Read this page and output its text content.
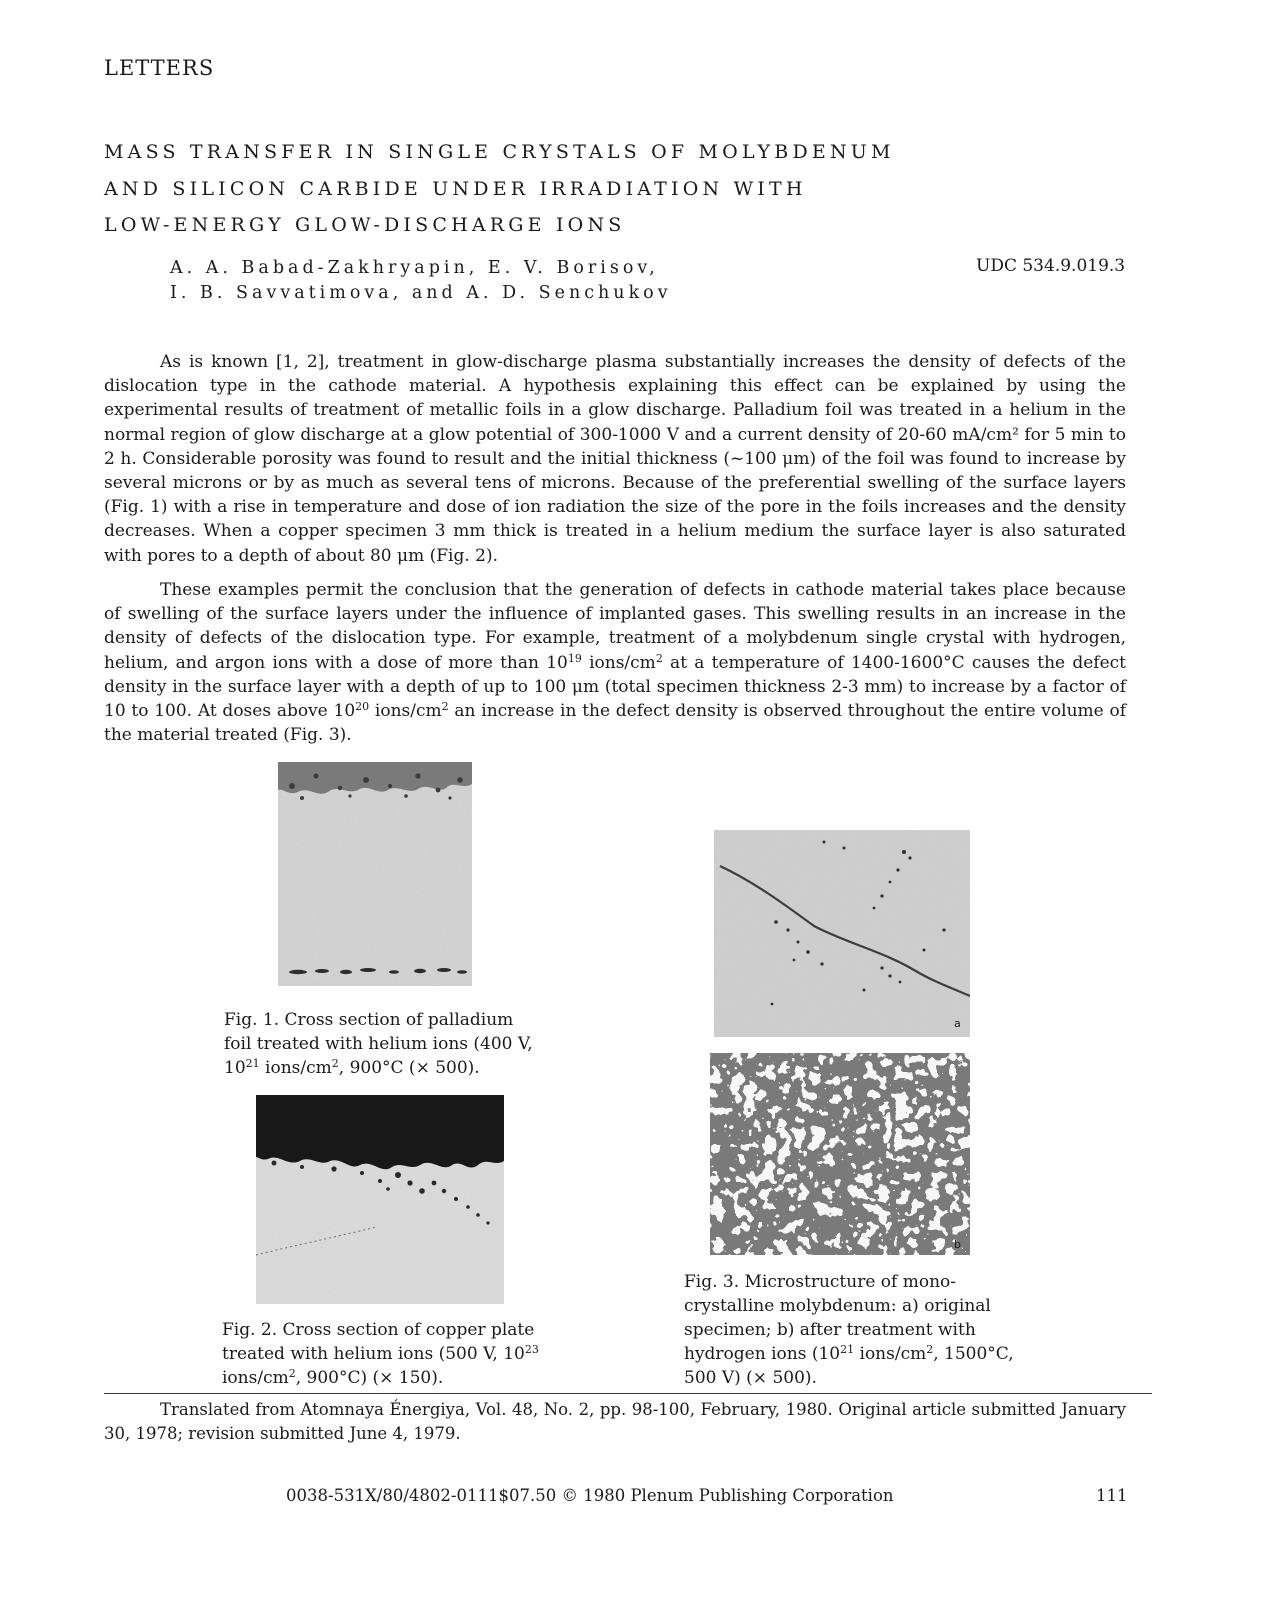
LETTERS
MASS TRANSFER IN SINGLE CRYSTALS OF MOLYBDENUM
AND SILICON CARBIDE UNDER IRRADIATION WITH
LOW-ENERGY GLOW-DISCHARGE IONS
A. A. Babad-Zakhryapin, E. V. Borisov,
I. B. Savvatimova, and A. D. Senchukov
UDC 534.9.019.3

As is known [1, 2], treatment in glow-discharge plasma substantially increases the density of defects of the dislocation type in the cathode material. A hypothesis explaining this effect can be explained by using the experimental results of treatment of metallic foils in a glow discharge. Palladium foil was treated in a helium in the normal region of glow discharge at a glow potential of 300-1000 V and a current density of 20-60 mA/cm² for 5 min to 2 h. Considerable porosity was found to result and the initial thickness (~100 μm) of the foil was found to increase by several microns or by as much as several tens of microns. Because of the preferential swelling of the surface layers (Fig. 1) with a rise in temperature and dose of ion radiation the size of the pore in the foils increases and the density decreases. When a copper specimen 3 mm thick is treated in a helium medium the surface layer is also saturated with pores to a depth of about 80 μm (Fig. 2).

These examples permit the conclusion that the generation of defects in cathode material takes place because of swelling of the surface layers under the influence of implanted gases. This swelling results in an increase in the density of defects of the dislocation type. For example, treatment of a molybdenum single crystal with hydrogen, helium, and argon ions with a dose of more than $10^{19}$ ions/$cm^2$ at a temperature of 1400-1600°C causes the defect density in the surface layer with a depth of up to 100 μm (total specimen thickness 2-3 mm) to increase by a factor of 10 to 100. At doses above $10^{20}$ ions/$cm^2$ an increase in the defect density is observed throughout the entire volume of the material treated (Fig. 3).

Fig. 1. Cross section of palladium
foil treated with helium ions (400 V,
$10^{21}$ ions/$cm^2$, 900°C (× 500).
Fig. 2. Cross section of copper plate
treated with helium ions (500 V, $10^{23}$
ions/$cm^2$, 900°C) (× 150).
a
b
Fig. 3. Microstructure of mono-
crystalline molybdenum: a) original
specimen; b) after treatment with
hydrogen ions ($10^{21}$ ions/$cm^2$, 1500°C,
500 V) (× 500).

Translated from Atomnaya Énergiya, Vol. 48, No. 2, pp. 98-100, February, 1980. Original article submitted January 30, 1978; revision submitted June 4, 1979.

0038-531X/80/4802-0111$07.50 © 1980 Plenum Publishing Corporation	111
